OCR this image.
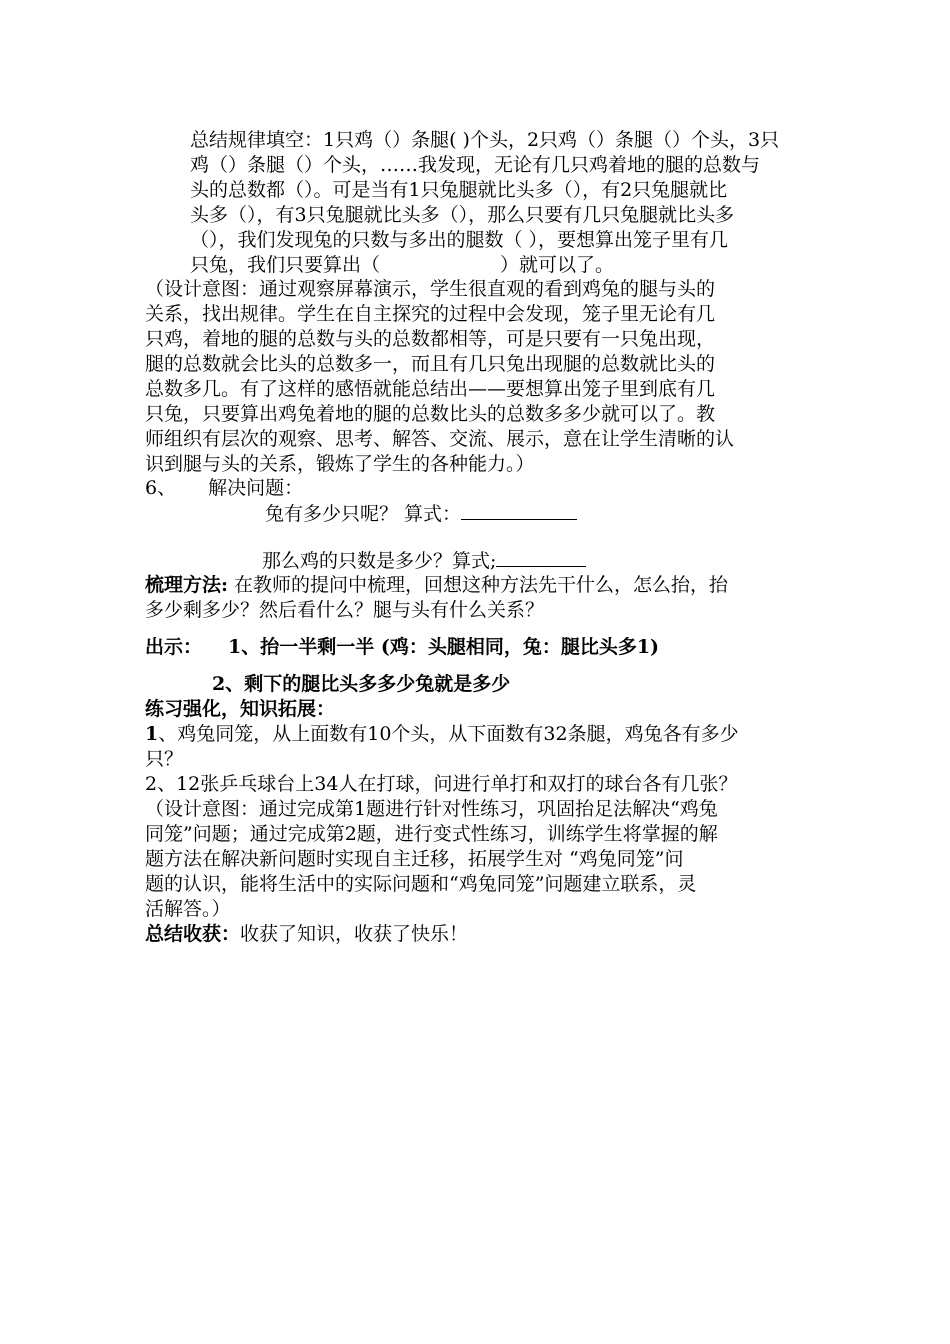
总结规律填空：1只鸡（）条腿( )个头，2只鸡（）条腿（）个头，3只
鸡（）条腿（）个头，……我发现，无论有几只鸡着地的腿的总数与
头的总数都（）。可是当有1只兔腿就比头多（），有2只兔腿就比
头多（），有3只兔腿就比头多（），那么只要有几只兔腿就比头多
（），我们发现兔的只数与多出的腿数（ ），要想算出笼子里有几
只兔，我们只要算出（	）就可以了。
（设计意图：通过观察屏幕演示，学生很直观的看到鸡兔的腿与头的
关系，找出规律。学生在自主探究的过程中会发现，笼子里无论有几
只鸡，着地的腿的总数与头的总数都相等，可是只要有一只兔出现，
腿的总数就会比头的总数多一，而且有几只兔出现腿的总数就比头的
总数多几。有了这样的感悟就能总结出——要想算出笼子里到底有几
只兔，只要算出鸡兔着地的腿的总数比头的总数多多少就可以了。教
师组织有层次的观察、思考、解答、交流、展示，意在让学生清晰的认
识到腿与头的关系，锻炼了学生的各种能力。）
6、 解决问题：
兔有多少只呢？ 算式：
那么鸡的只数是多少？算式;
梳理方法: 在教师的提问中梳理，回想这种方法先干什么，怎么抬，抬
多少剩多少？然后看什么？腿与头有什么关系？
出示： 1、抬一半剩一半 (鸡：头腿相同，兔：腿比头多1)
2、剩下的腿比头多多少兔就是多少
练习强化，知识拓展：
1、鸡兔同笼，从上面数有10个头，从下面数有32条腿，鸡兔各有多少
只？
2、12张乒乓球台上34人在打球，问进行单打和双打的球台各有几张？
（设计意图：通过完成第1题进行针对性练习，巩固抬足法解决“鸡兔
同笼”问题；通过完成第2题，进行变式性练习，训练学生将掌握的解
题方法在解决新问题时实现自主迁移，拓展学生对 “鸡兔同笼”问
题的认识，能将生活中的实际问题和“鸡兔同笼”问题建立联系，灵
活解答。）
总结收获：收获了知识，收获了快乐！
